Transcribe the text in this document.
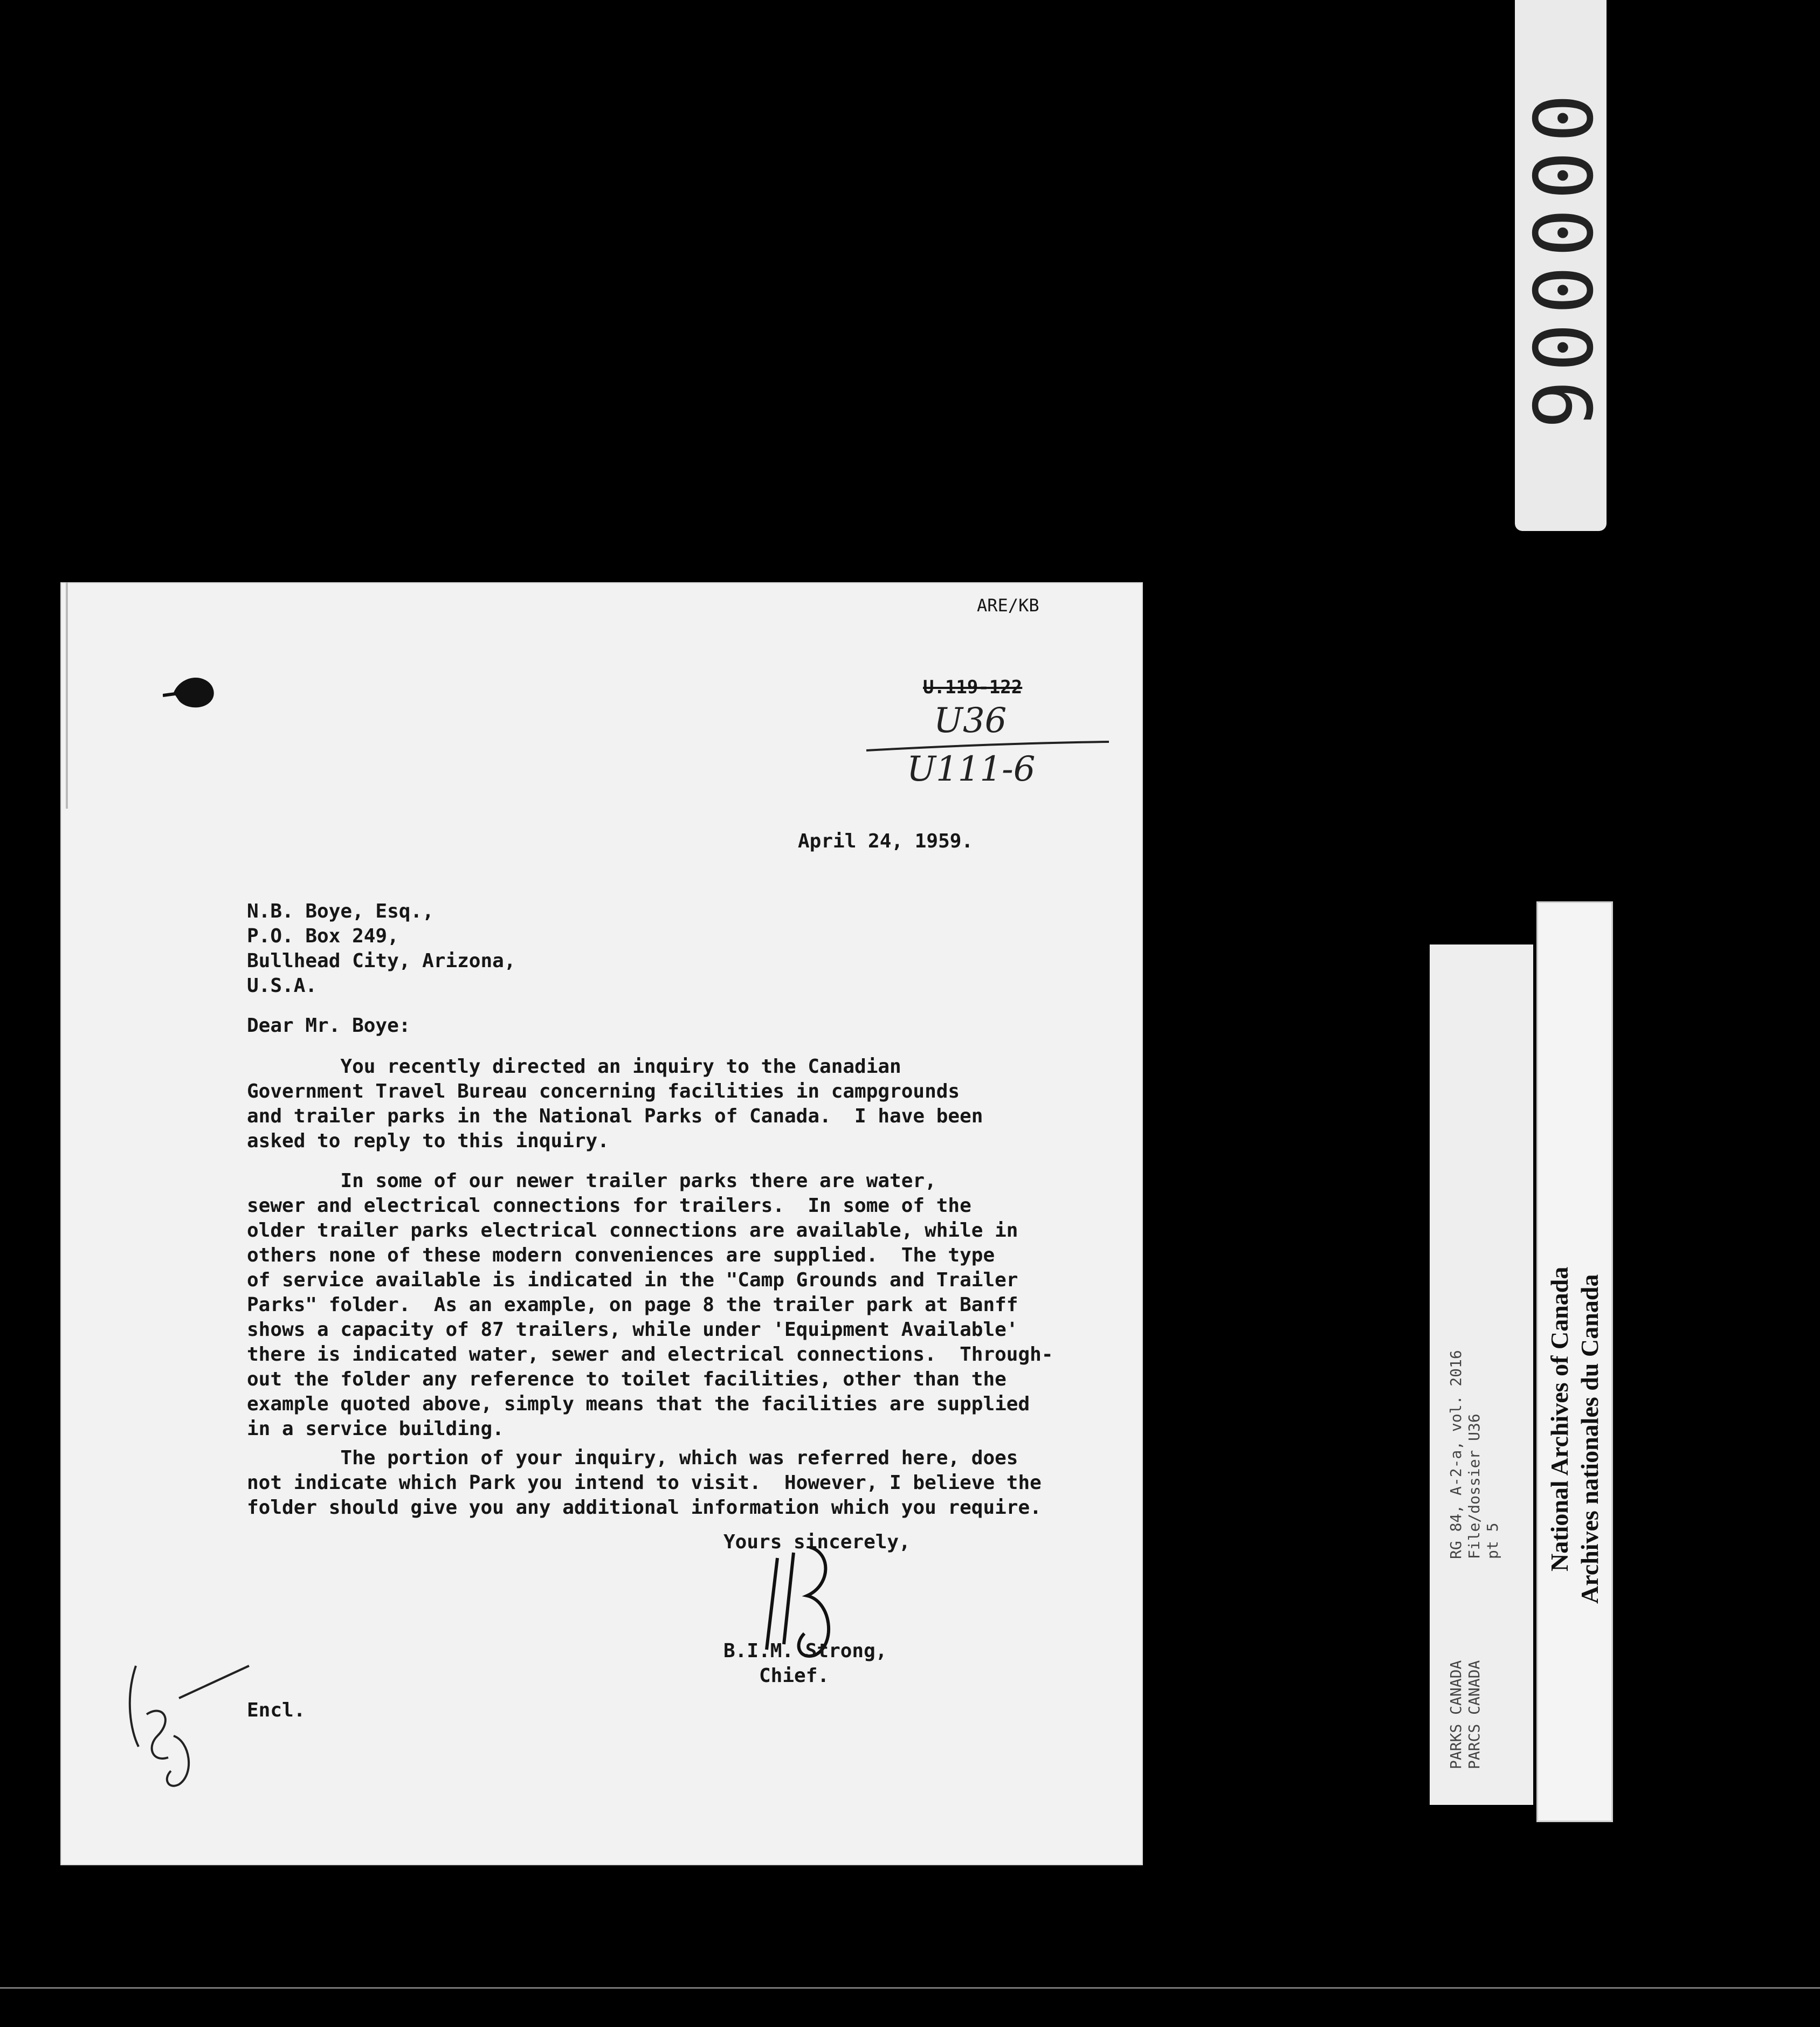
000006
ARE/KB
U.119-122
U36
U111-6
April 24, 1959.
N.B. Boye, Esq.,
P.O. Box 249,
Bullhead City, Arizona,
U.S.A.
Dear Mr. Boye:
You recently directed an inquiry to the Canadian
Government Travel Bureau concerning facilities in campgrounds
and trailer parks in the National Parks of Canada.  I have been
asked to reply to this inquiry.
In some of our newer trailer parks there are water,
sewer and electrical connections for trailers.  In some of the
older trailer parks electrical connections are available, while in
others none of these modern conveniences are supplied.  The type
of service available is indicated in the "Camp Grounds and Trailer
Parks" folder.  As an example, on page 8 the trailer park at Banff
shows a capacity of 87 trailers, while under 'Equipment Available'
there is indicated water, sewer and electrical connections.  Through-
out the folder any reference to toilet facilities, other than the
example quoted above, simply means that the facilities are supplied
in a service building.
The portion of your inquiry, which was referred here, does
not indicate which Park you intend to visit.  However, I believe the
folder should give you any additional information which you require.
Yours sincerely,
B.I.M. Strong,
Chief.
Encl.
RG 84, A-2-a, vol. 2016 File/dossier U36 pt 5
PARKS CANADA PARCS CANADA
National Archives of Canada Archives nationales du Canada
